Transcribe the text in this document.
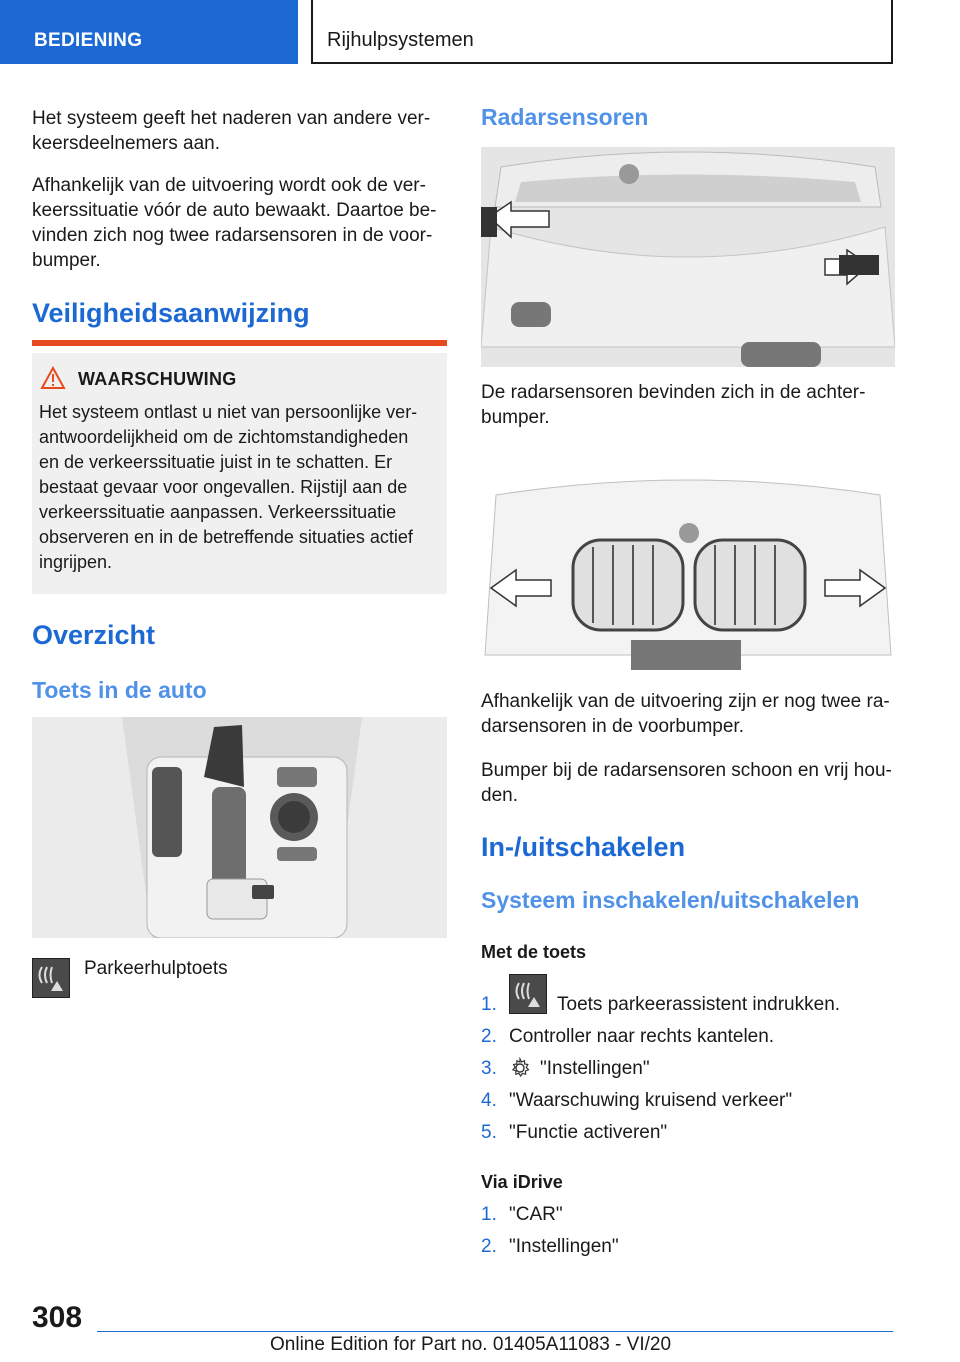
BEDIENING	Rijhulpsystemen

Het systeem geeft het naderen van andere ver-

keersdeelnemers aan.

Afhankelijk van de uitvoering wordt ook de ver-

keerssituatie vóór de auto bewaakt. Daartoe be-

vinden zich nog twee radarsensoren in de voor-

bumper.

Veiligheidsaanwijzing
WAARSCHUWING
Het systeem ontlast u niet van persoonlijke ver-
antwoordelijkheid om de zichtomstandigheden
en de verkeerssituatie juist in te schatten. Er
bestaat gevaar voor ongevallen. Rijstijl aan de
verkeerssituatie aanpassen. Verkeerssituatie
observeren en in de betreffende situaties actief
ingrijpen.
Overzicht
Toets in de auto

Parkeerhulptoets

Radarsensoren

De radarsensoren bevinden zich in de achter-

bumper.

Afhankelijk van de uitvoering zijn er nog twee ra-

darsensoren in de voorbumper.

Bumper bij de radarsensoren schoon en vrij hou-

den.

In-/uitschakelen
Systeem inschakelen/uitschakelen
Met de toets
1.	Toets parkeerassistent indrukken.
2. Controller naar rechts kantelen.
3. "Instellingen"
4. "Waarschuwing kruisend verkeer"
5. "Functie activeren"
Via iDrive
1. "CAR"
2. "Instellingen"
308
Online Edition for Part no. 01405A11083 - VI/20
